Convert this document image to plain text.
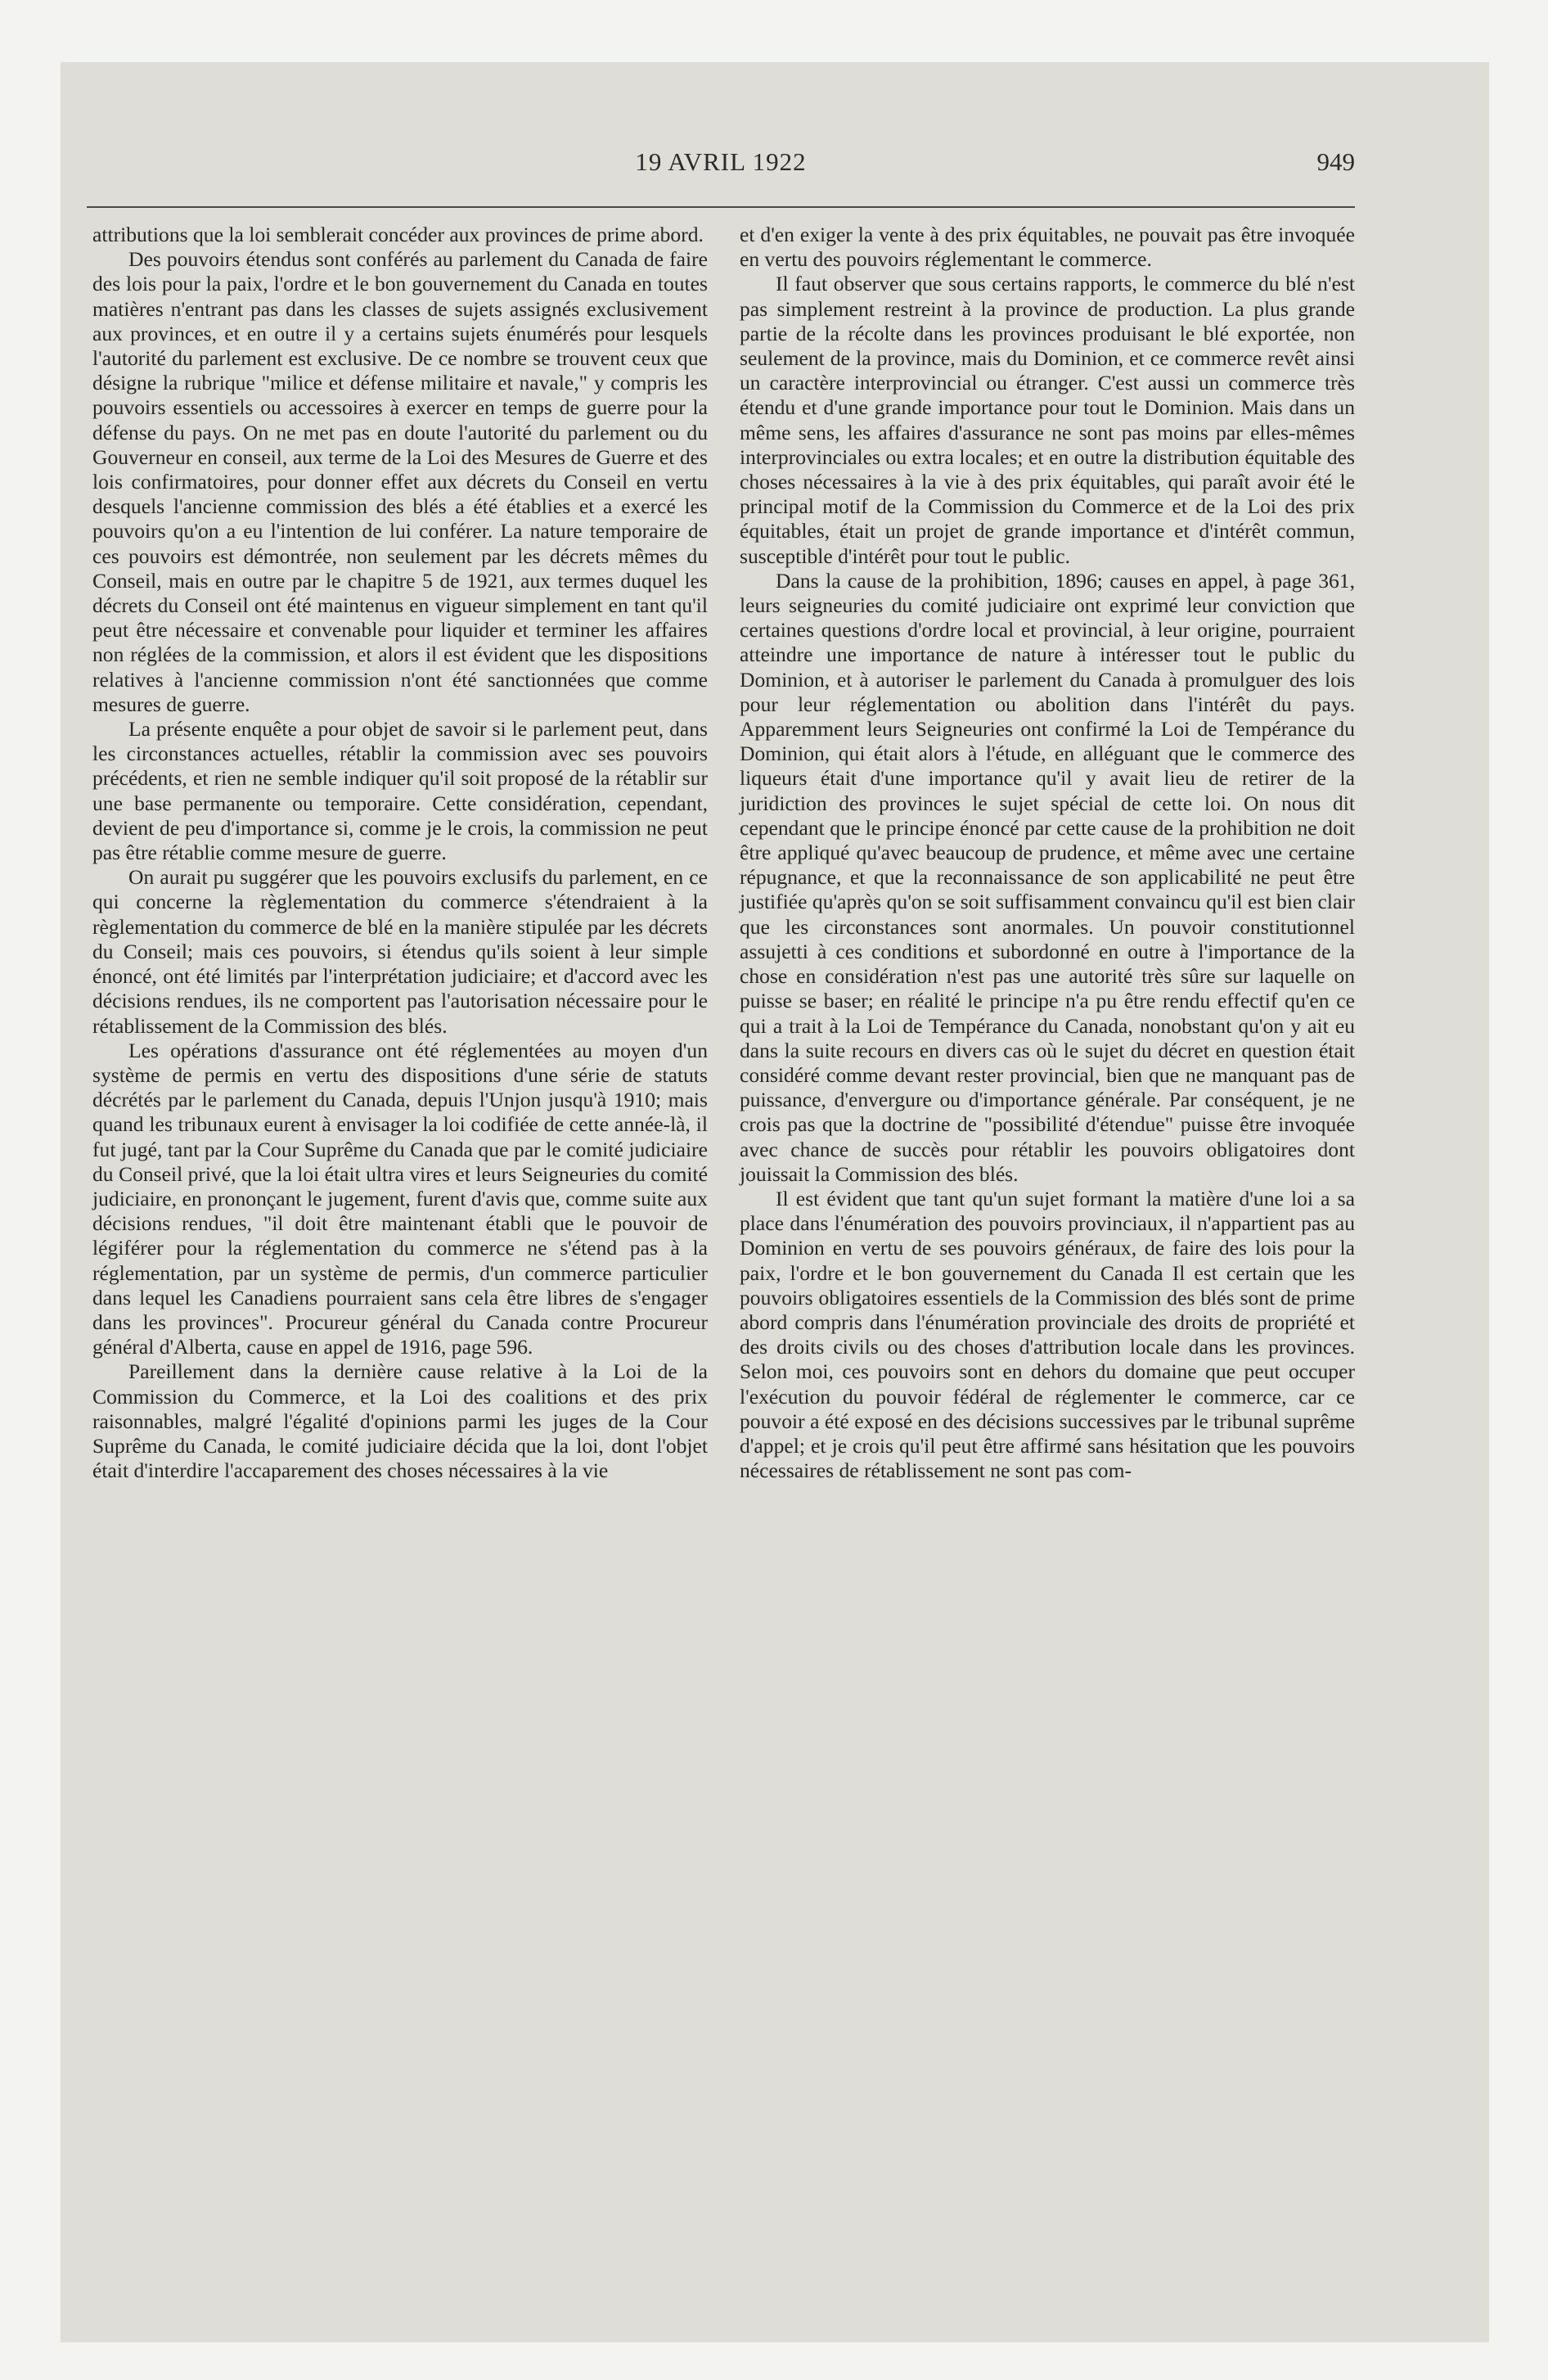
19 AVRIL 1922	949

attributions que la loi semblerait concéder aux provinces de prime abord.

Des pouvoirs étendus sont conférés au parlement du Canada de faire des lois pour la paix, l'ordre et le bon gouvernement du Canada en toutes matières n'entrant pas dans les classes de sujets assignés exclusivement aux provinces, et en outre il y a certains sujets énumérés pour lesquels l'autorité du parlement est exclusive. De ce nombre se trouvent ceux que désigne la rubrique "milice et défense militaire et navale," y compris les pouvoirs essentiels ou accessoires à exercer en temps de guerre pour la défense du pays. On ne met pas en doute l'autorité du parlement ou du Gouverneur en conseil, aux terme de la Loi des Mesures de Guerre et des lois confirmatoires, pour donner effet aux décrets du Conseil en vertu desquels l'ancienne commission des blés a été établies et a exercé les pouvoirs qu'on a eu l'intention de lui conférer. La nature temporaire de ces pouvoirs est démontrée, non seulement par les décrets mêmes du Conseil, mais en outre par le chapitre 5 de 1921, aux termes duquel les décrets du Conseil ont été maintenus en vigueur simplement en tant qu'il peut être nécessaire et convenable pour liquider et terminer les affaires non réglées de la commission, et alors il est évident que les dispositions relatives à l'ancienne commission n'ont été sanctionnées que comme mesures de guerre.

La présente enquête a pour objet de savoir si le parlement peut, dans les circonstances actuelles, rétablir la commission avec ses pouvoirs précédents, et rien ne semble indiquer qu'il soit proposé de la rétablir sur une base permanente ou temporaire. Cette considération, cependant, devient de peu d'importance si, comme je le crois, la commission ne peut pas être rétablie comme mesure de guerre.

On aurait pu suggérer que les pouvoirs exclusifs du parlement, en ce qui concerne la règlementation du commerce s'étendraient à la règlementation du commerce de blé en la manière stipulée par les décrets du Conseil; mais ces pouvoirs, si étendus qu'ils soient à leur simple énoncé, ont été limités par l'interprétation judiciaire; et d'accord avec les décisions rendues, ils ne comportent pas l'autorisation nécessaire pour le rétablissement de la Commission des blés.

Les opérations d'assurance ont été réglementées au moyen d'un système de permis en vertu des dispositions d'une série de statuts décrétés par le parlement du Canada, depuis l'Unjon jusqu'à 1910; mais quand les tribunaux eurent à envisager la loi codifiée de cette année-là, il fut jugé, tant par la Cour Suprême du Canada que par le comité judiciaire du Conseil privé, que la loi était ultra vires et leurs Seigneuries du comité judiciaire, en prononçant le jugement, furent d'avis que, comme suite aux décisions rendues, "il doit être maintenant établi que le pouvoir de légiférer pour la réglementation du commerce ne s'étend pas à la réglementation, par un système de permis, d'un commerce particulier dans lequel les Canadiens pourraient sans cela être libres de s'engager dans les provinces". Procureur général du Canada contre Procureur général d'Alberta, cause en appel de 1916, page 596.

Pareillement dans la dernière cause relative à la Loi de la Commission du Commerce, et la Loi des coalitions et des prix raisonnables, malgré l'égalité d'opinions parmi les juges de la Cour Suprême du Canada, le comité judiciaire décida que la loi, dont l'objet était d'interdire l'accaparement des choses nécessaires à la vie

et d'en exiger la vente à des prix équitables, ne pouvait pas être invoquée en vertu des pouvoirs réglementant le commerce.

Il faut observer que sous certains rapports, le commerce du blé n'est pas simplement restreint à la province de production. La plus grande partie de la récolte dans les provinces produisant le blé exportée, non seulement de la province, mais du Dominion, et ce commerce revêt ainsi un caractère interprovincial ou étranger. C'est aussi un commerce très étendu et d'une grande importance pour tout le Dominion. Mais dans un même sens, les affaires d'assurance ne sont pas moins par elles-mêmes interprovinciales ou extra locales; et en outre la distribution équitable des choses nécessaires à la vie à des prix équitables, qui paraît avoir été le principal motif de la Commission du Commerce et de la Loi des prix équitables, était un projet de grande importance et d'intérêt commun, susceptible d'intérêt pour tout le public.

Dans la cause de la prohibition, 1896; causes en appel, à page 361, leurs seigneuries du comité judiciaire ont exprimé leur conviction que certaines questions d'ordre local et provincial, à leur origine, pourraient atteindre une importance de nature à intéresser tout le public du Dominion, et à autoriser le parlement du Canada à promulguer des lois pour leur réglementation ou abolition dans l'intérêt du pays. Apparemment leurs Seigneuries ont confirmé la Loi de Tempérance du Dominion, qui était alors à l'étude, en alléguant que le commerce des liqueurs était d'une importance qu'il y avait lieu de retirer de la juridiction des provinces le sujet spécial de cette loi. On nous dit cependant que le principe énoncé par cette cause de la prohibition ne doit être appliqué qu'avec beaucoup de prudence, et même avec une certaine répugnance, et que la reconnaissance de son applicabilité ne peut être justifiée qu'après qu'on se soit suffisamment convaincu qu'il est bien clair que les circonstances sont anormales. Un pouvoir constitutionnel assujetti à ces conditions et subordonné en outre à l'importance de la chose en considération n'est pas une autorité très sûre sur laquelle on puisse se baser; en réalité le principe n'a pu être rendu effectif qu'en ce qui a trait à la Loi de Tempérance du Canada, nonobstant qu'on y ait eu dans la suite recours en divers cas où le sujet du décret en question était considéré comme devant rester provincial, bien que ne manquant pas de puissance, d'envergure ou d'importance générale. Par conséquent, je ne crois pas que la doctrine de "possibilité d'étendue" puisse être invoquée avec chance de succès pour rétablir les pouvoirs obligatoires dont jouissait la Commission des blés.

Il est évident que tant qu'un sujet formant la matière d'une loi a sa place dans l'énumération des pouvoirs provinciaux, il n'appartient pas au Dominion en vertu de ses pouvoirs généraux, de faire des lois pour la paix, l'ordre et le bon gouvernement du Canada Il est certain que les pouvoirs obligatoires essentiels de la Commission des blés sont de prime abord compris dans l'énumération provinciale des droits de propriété et des droits civils ou des choses d'attribution locale dans les provinces. Selon moi, ces pouvoirs sont en dehors du domaine que peut occuper l'exécution du pouvoir fédéral de réglementer le commerce, car ce pouvoir a été exposé en des décisions successives par le tribunal suprême d'appel; et je crois qu'il peut être affirmé sans hésitation que les pouvoirs nécessaires de rétablissement ne sont pas com-
